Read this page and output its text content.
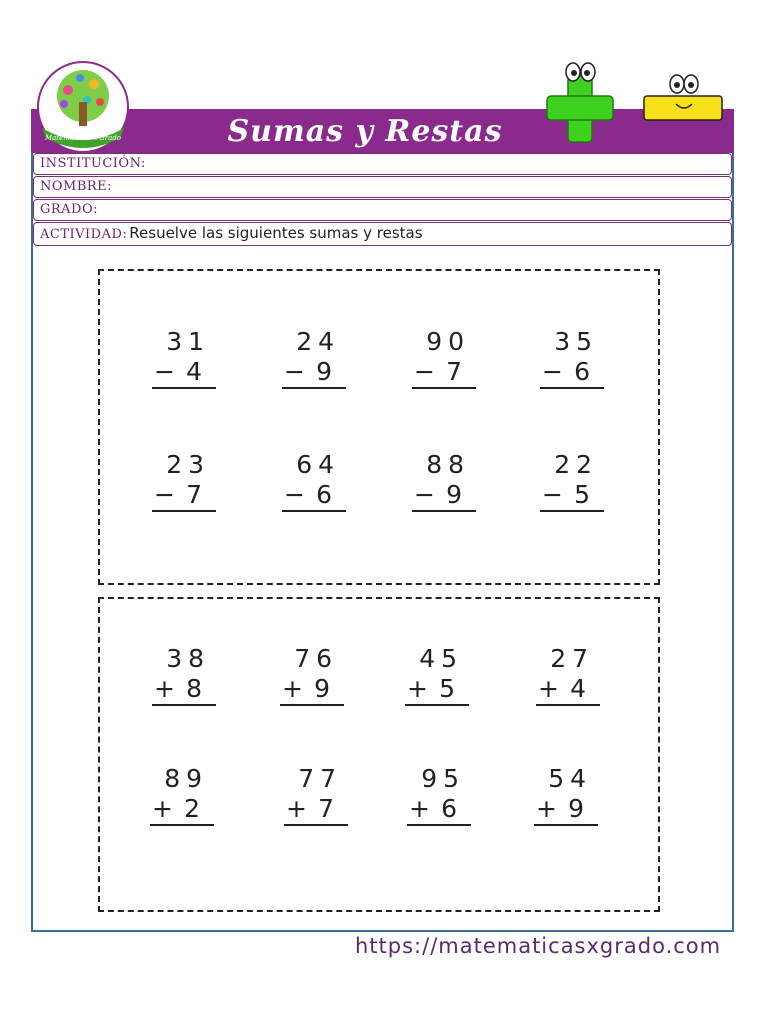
Sumas y Restas
Matemáticas x Grado
INSTITUCIÓN:
NOMBRE:
GRADO:
ACTIVIDAD: Resuelve las siguientes sumas y restas
31
− 4
24
− 9
90
− 7
35
− 6
23
− 7
64
− 6
88
− 9
22
− 5
38
+ 8
76
+ 9
45
+ 5
27
+ 4
89
+ 2
77
+ 7
95
+ 6
54
+ 9
https://matematicasxgrado.com
